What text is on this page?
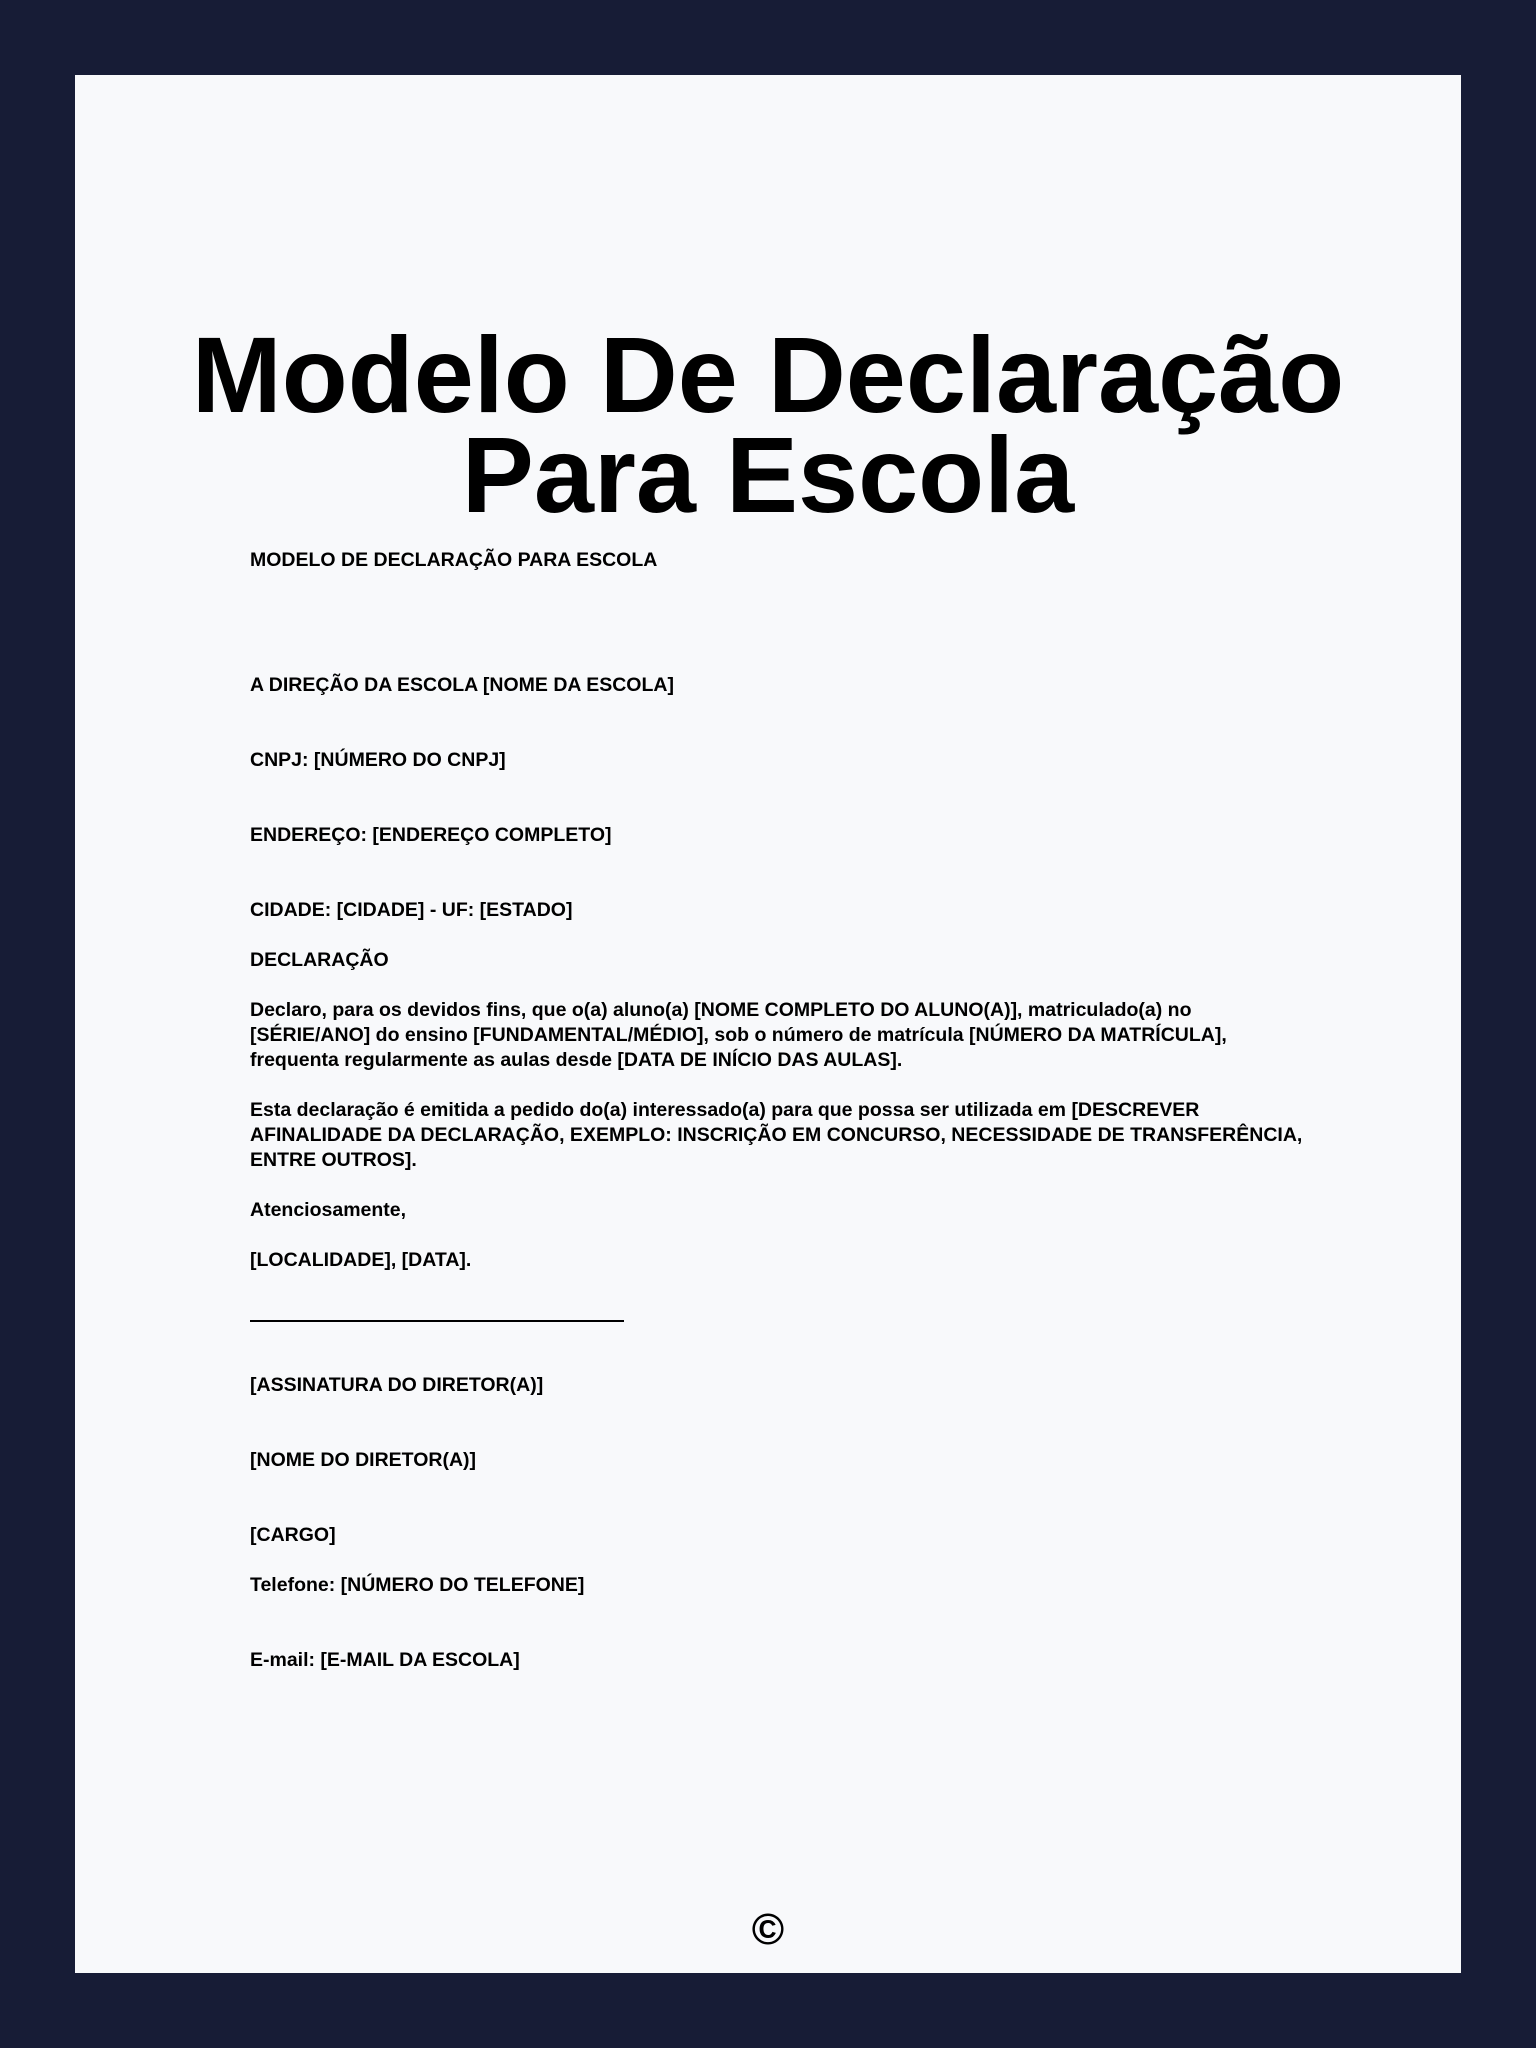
Modelo De Declaração Para Escola

MODELO DE DECLARAÇÃO PARA ESCOLA

A DIREÇÃO DA ESCOLA [NOME DA ESCOLA]

CNPJ: [NÚMERO DO CNPJ]

ENDEREÇO: [ENDEREÇO COMPLETO]

CIDADE: [CIDADE] - UF: [ESTADO]

DECLARAÇÃO

Declaro, para os devidos fins, que o(a) aluno(a) [NOME COMPLETO DO ALUNO(A)], matriculado(a) no [SÉRIE/ANO] do ensino [FUNDAMENTAL/MÉDIO], sob o número de matrícula [NÚMERO DA MATRÍCULA], frequenta regularmente as aulas desde [DATA DE INÍCIO DAS AULAS].

Esta declaração é emitida a pedido do(a) interessado(a) para que possa ser utilizada em [DESCREVER AFINALIDADE DA DECLARAÇÃO, EXEMPLO: INSCRIÇÃO EM CONCURSO, NECESSIDADE DE TRANSFERÊNCIA, ENTRE OUTROS].

Atenciosamente,

[LOCALIDADE], [DATA].

[ASSINATURA DO DIRETOR(A)]

[NOME DO DIRETOR(A)]

[CARGO]

Telefone: [NÚMERO DO TELEFONE]

E-mail: [E-MAIL DA ESCOLA]

©
